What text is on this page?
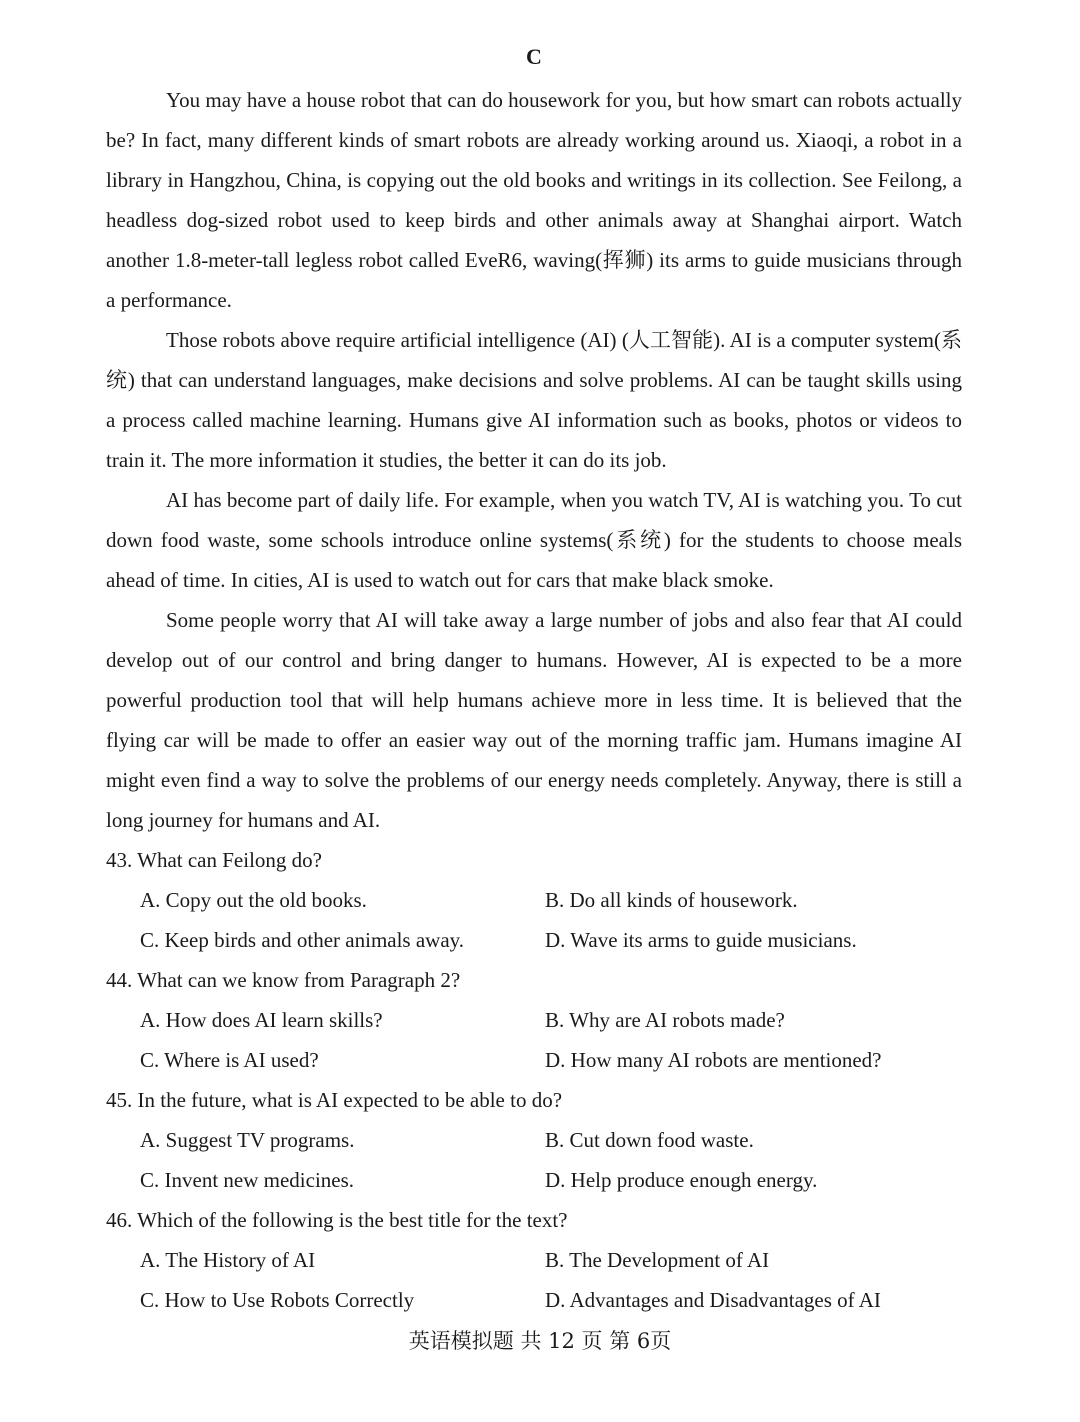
C

You may have a house robot that can do housework for you, but how smart can robots actually be? In fact, many different kinds of smart robots are already working around us. Xiaoqi, a robot in a library in Hangzhou, China, is copying out the old books and writings in its collection. See Feilong, a headless dog-sized robot used to keep birds and other animals away at Shanghai airport. Watch another 1.8-meter-tall legless robot called EveR6, waving(挥狮) its arms to guide musicians through a performance.

Those robots above require artificial intelligence (AI) (人工智能). AI is a computer system(系统) that can understand languages, make decisions and solve problems. AI can be taught skills using a process called machine learning. Humans give AI information such as books, photos or videos to train it. The more information it studies, the better it can do its job.

AI has become part of daily life. For example, when you watch TV, AI is watching you. To cut down food waste, some schools introduce online systems(系统) for the students to choose meals ahead of time. In cities, AI is used to watch out for cars that make black smoke.

Some people worry that AI will take away a large number of jobs and also fear that AI could develop out of our control and bring danger to humans. However, AI is expected to be a more powerful production tool that will help humans achieve more in less time. It is believed that the flying car will be made to offer an easier way out of the morning traffic jam. Humans imagine AI might even find a way to solve the problems of our energy needs completely. Anyway, there is still a long journey for humans and AI.

43. What can Feilong do?
A. Copy out the old books.	B. Do all kinds of housework.
C. Keep birds and other animals away.	D. Wave its arms to guide musicians.
44. What can we know from Paragraph 2?
A. How does AI learn skills?	B. Why are AI robots made?
C. Where is AI used?	D. How many AI robots are mentioned?
45. In the future, what is AI expected to be able to do?
A. Suggest TV programs.	B. Cut down food waste.
C. Invent new medicines.	D. Help produce enough energy.
46. Which of the following is the best title for the text?
A. The History of AI	B. The Development of AI
C. How to Use Robots Correctly	D. Advantages and Disadvantages of AI
英语模拟题 共 12 页 第 6页
